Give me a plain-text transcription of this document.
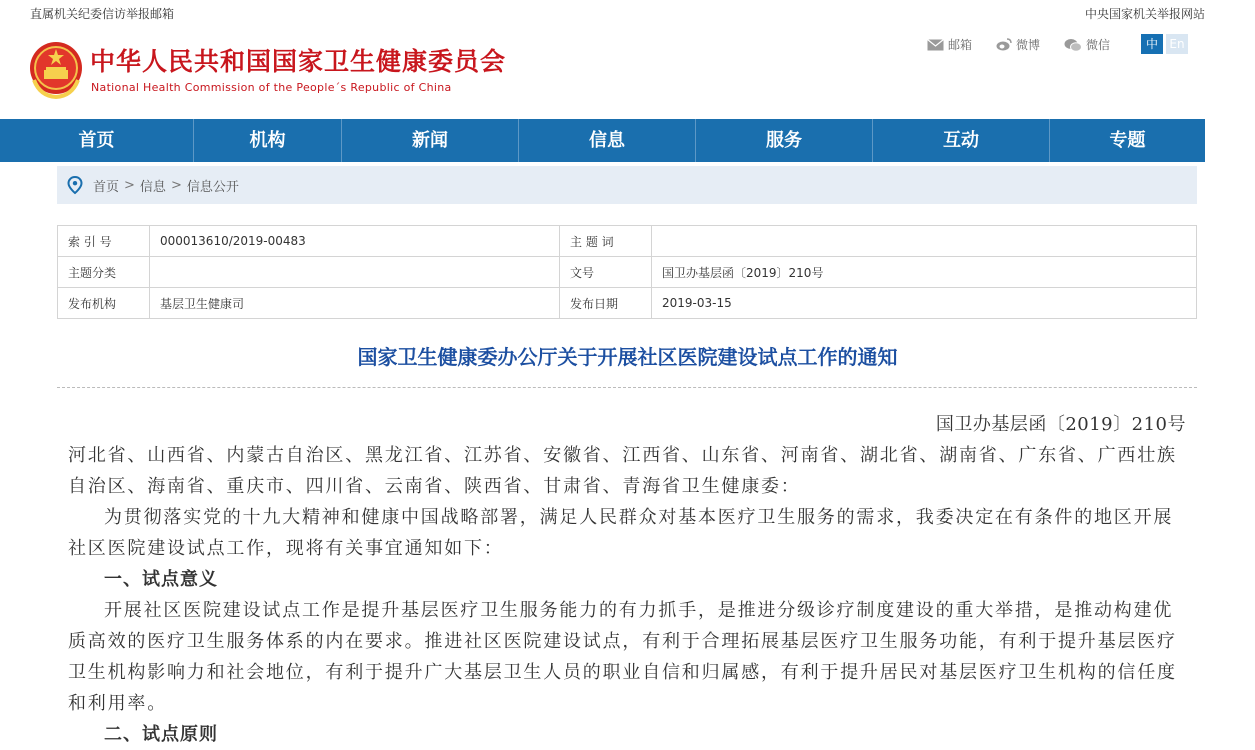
直属机关纪委信访举报邮箱	中央国家机关举报网站
中华人民共和国国家卫生健康委员会
National Health Commission of the People´s Republic of China
邮箱	微博	微信	中 En
首页	机构	新闻	信息	服务	互动	专题
首页 > 信息 > 信息公开
索 引 号	000013610/2019-00483	主 题 词	
主题分类		文号	国卫办基层函〔2019〕210号
发布机构	基层卫生健康司	发布日期	2019-03-15
国家卫生健康委办公厅关于开展社区医院建设试点工作的通知
国卫办基层函〔2019〕210号
河北省、山西省、内蒙古自治区、黑龙江省、江苏省、安徽省、江西省、山东省、河南省、湖北省、湖南省、广东省、广西壮族自治区、海南省、重庆市、四川省、云南省、陕西省、甘肃省、青海省卫生健康委：
为贯彻落实党的十九大精神和健康中国战略部署，满足人民群众对基本医疗卫生服务的需求，我委决定在有条件的地区开展社区医院建设试点工作，现将有关事宜通知如下：
一、试点意义
开展社区医院建设试点工作是提升基层医疗卫生服务能力的有力抓手，是推进分级诊疗制度建设的重大举措，是推动构建优质高效的医疗卫生服务体系的内在要求。推进社区医院建设试点，有利于合理拓展基层医疗卫生服务功能，有利于提升基层医疗卫生机构影响力和社会地位，有利于提升广大基层卫生人员的职业自信和归属感，有利于提升居民对基层医疗卫生机构的信任度和利用率。
二、试点原则
